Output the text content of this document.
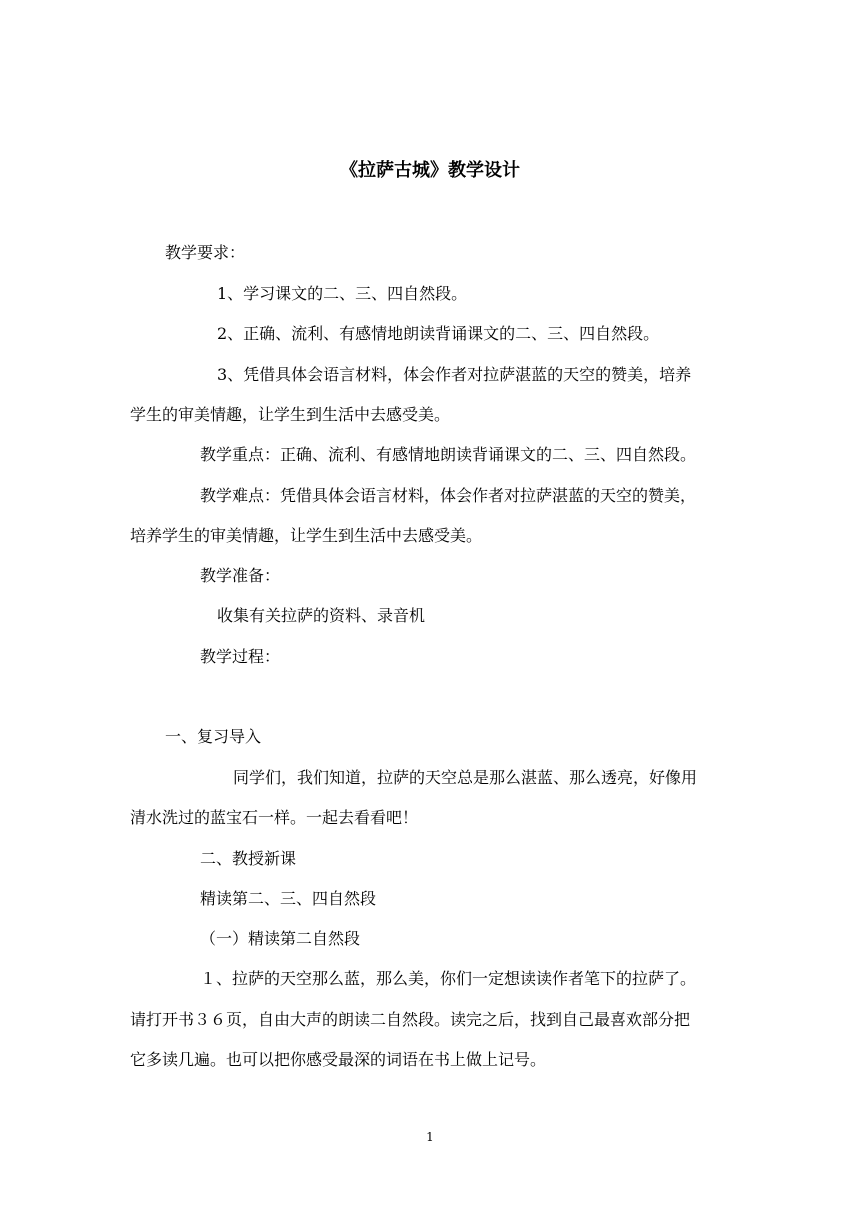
《拉萨古城》教学设计
教学要求：
1、学习课文的二、三、四自然段。
2、正确、流利、有感情地朗读背诵课文的二、三、四自然段。
3、凭借具体会语言材料，体会作者对拉萨湛蓝的天空的赞美，培养
学生的审美情趣，让学生到生活中去感受美。
教学重点：正确、流利、有感情地朗读背诵课文的二、三、四自然段。
教学难点：凭借具体会语言材料，体会作者对拉萨湛蓝的天空的赞美，
培养学生的审美情趣，让学生到生活中去感受美。
教学准备：
收集有关拉萨的资料、录音机
教学过程：
一、复习导入
同学们，我们知道，拉萨的天空总是那么湛蓝、那么透亮，好像用
清水洗过的蓝宝石一样。一起去看看吧！
二、教授新课
精读第二、三、四自然段
（一）精读第二自然段
１、拉萨的天空那么蓝，那么美，你们一定想读读作者笔下的拉萨了。
请打开书３６页，自由大声的朗读二自然段。读完之后，找到自己最喜欢部分把
它多读几遍。也可以把你感受最深的词语在书上做上记号。
1
